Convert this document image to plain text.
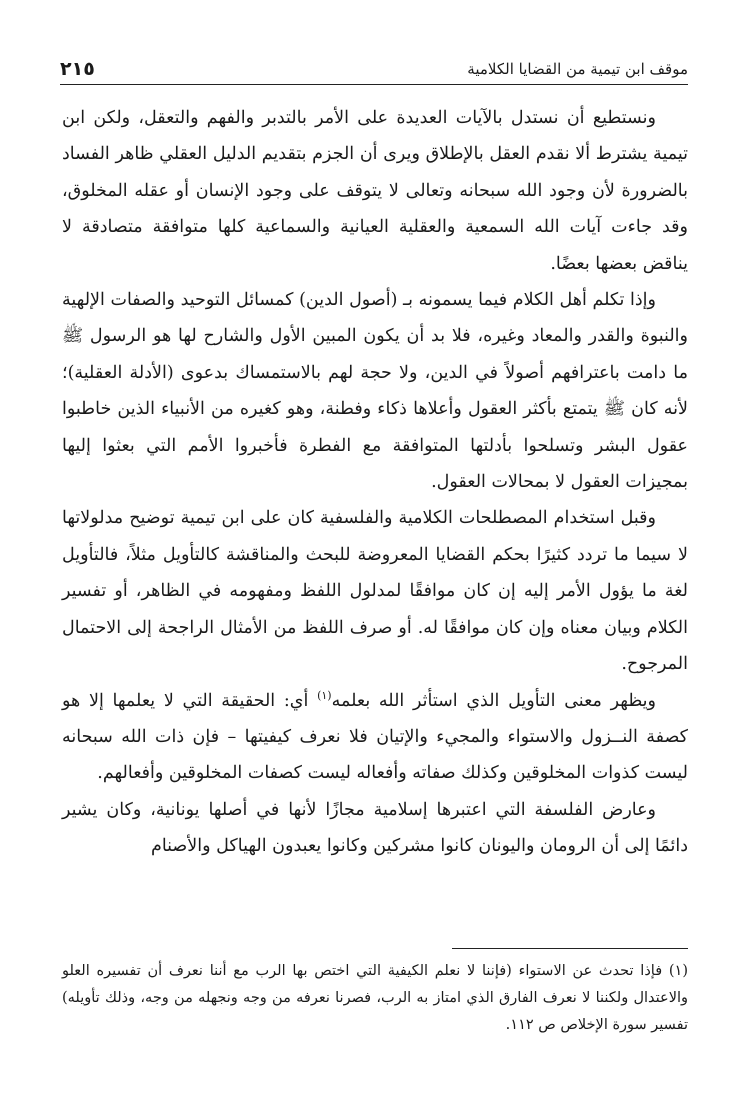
موقف ابن تيمية من القضايا الكلامية
٢١٥

ونستطيع أن نستدل بالآيات العديدة على الأمر بالتدبر والفهم والتعقل، ولكن ابن تيمية يشترط ألا نقدم العقل بالإطلاق ويرى أن الجزم بتقديم الدليل العقلي ظاهر الفساد بالضرورة لأن وجود الله سبحانه وتعالى لا يتوقف على وجود الإنسان أو عقله المخلوق، وقد جاءت آيات الله السمعية والعقلية العيانية والسماعية كلها متوافقة متصادقة لا يناقض بعضها بعضًا.

وإذا تكلم أهل الكلام فيما يسمونه بـ (أصول الدين) كمسائل التوحيد والصفات الإلهية والنبوة والقدر والمعاد وغيره، فلا بد أن يكون المبين الأول والشارح لها هو الرسول ﷺ ما دامت باعترافهم أصولاً في الدين، ولا حجة لهم بالاستمساك بدعوى (الأدلة العقلية)؛ لأنه كان ﷺ يتمتع بأكثر العقول وأعلاها ذكاء وفطنة، وهو كغيره من الأنبياء الذين خاطبوا عقول البشر وتسلحوا بأدلتها المتوافقة مع الفطرة فأخبروا الأمم التي بعثوا إليها بمجيزات العقول لا بمحالات العقول.

وقبل استخدام المصطلحات الكلامية والفلسفية كان على ابن تيمية توضيح مدلولاتها لا سيما ما تردد كثيرًا بحكم القضايا المعروضة للبحث والمناقشة كالتأويل مثلاً، فالتأويل لغة ما يؤول الأمر إليه إن كان موافقًا لمدلول اللفظ ومفهومه في الظاهر، أو تفسير الكلام وبيان معناه وإن كان موافقًا له. أو صرف اللفظ من الأمثال الراجحة إلى الاحتمال المرجوح.

ويظهر معنى التأويل الذي استأثر الله بعلمه$^{(١)}$ أي: الحقيقة التي لا يعلمها إلا هو كصفة النــزول والاستواء والمجيء والإتيان فلا نعرف كيفيتها – فإن ذات الله سبحانه ليست كذوات المخلوقين وكذلك صفاته وأفعاله ليست كصفات المخلوقين وأفعالهم.

وعارض الفلسفة التي اعتبرها إسلامية مجازًا لأنها في أصلها يونانية، وكان يشير دائمًا إلى أن الرومان واليونان كانوا مشركين وكانوا يعبدون الهياكل والأصنام

(١) فإذا تحدث عن الاستواء (فإننا لا نعلم الكيفية التي اختص بها الرب مع أننا نعرف أن تفسيره العلو والاعتدال ولكننا لا نعرف الفارق الذي امتاز به الرب، فصرنا نعرفه من وجه ونجهله من وجه، وذلك تأويله) تفسير سورة الإخلاص ص ١١٢.
